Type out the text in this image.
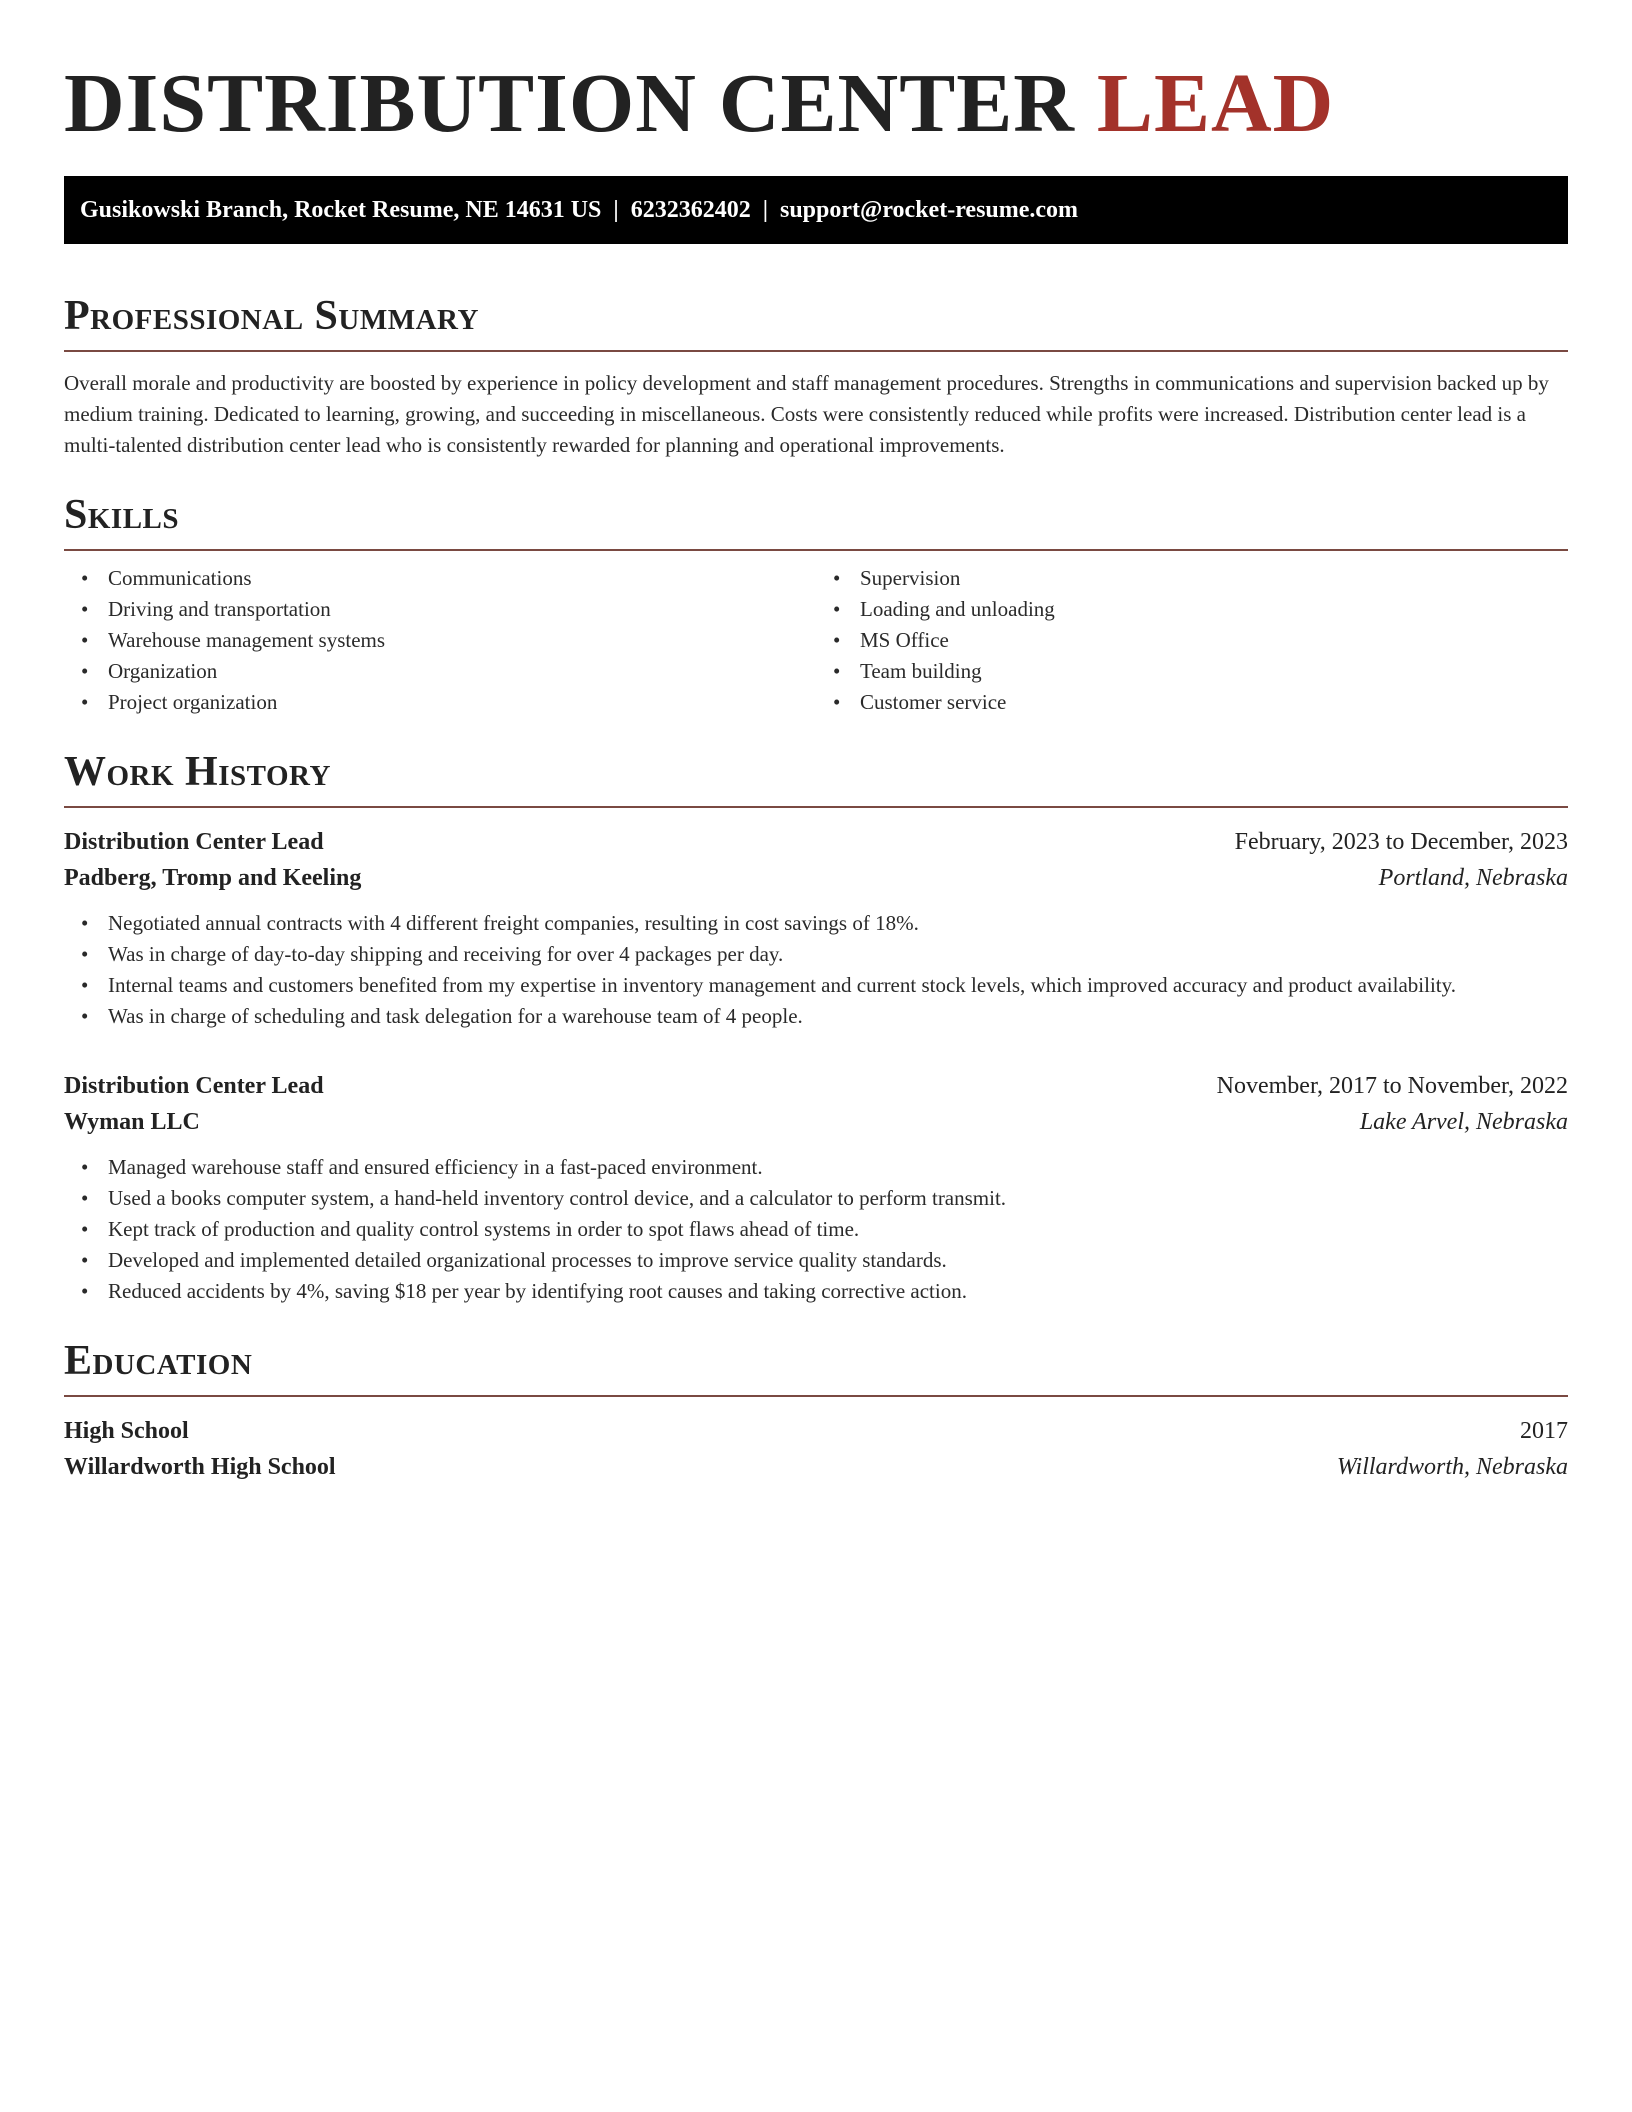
DISTRIBUTION CENTER LEAD
Gusikowski Branch, Rocket Resume, NE 14631 US | 6232362402 | support@rocket-resume.com
Professional Summary

Overall morale and productivity are boosted by experience in policy development and staff management procedures. Strengths in communications and supervision backed up by medium training. Dedicated to learning, growing, and succeeding in miscellaneous. Costs were consistently reduced while profits were increased. Distribution center lead is a multi-talented distribution center lead who is consistently rewarded for planning and operational improvements.

Skills
• Communications
• Driving and transportation
• Warehouse management systems
• Organization
• Project organization
• Supervision
• Loading and unloading
• MS Office
• Team building
• Customer service
Work History
Distribution Center Lead	February, 2023 to December, 2023
Padberg, Tromp and Keeling	Portland, Nebraska
• Negotiated annual contracts with 4 different freight companies, resulting in cost savings of 18%.
• Was in charge of day-to-day shipping and receiving for over 4 packages per day.
• Internal teams and customers benefited from my expertise in inventory management and current stock levels, which improved accuracy and product availability.
• Was in charge of scheduling and task delegation for a warehouse team of 4 people.
Distribution Center Lead	November, 2017 to November, 2022
Wyman LLC	Lake Arvel, Nebraska
• Managed warehouse staff and ensured efficiency in a fast-paced environment.
• Used a books computer system, a hand-held inventory control device, and a calculator to perform transmit.
• Kept track of production and quality control systems in order to spot flaws ahead of time.
• Developed and implemented detailed organizational processes to improve service quality standards.
• Reduced accidents by 4%, saving $18 per year by identifying root causes and taking corrective action.
Education
High School	2017
Willardworth High School	Willardworth, Nebraska
